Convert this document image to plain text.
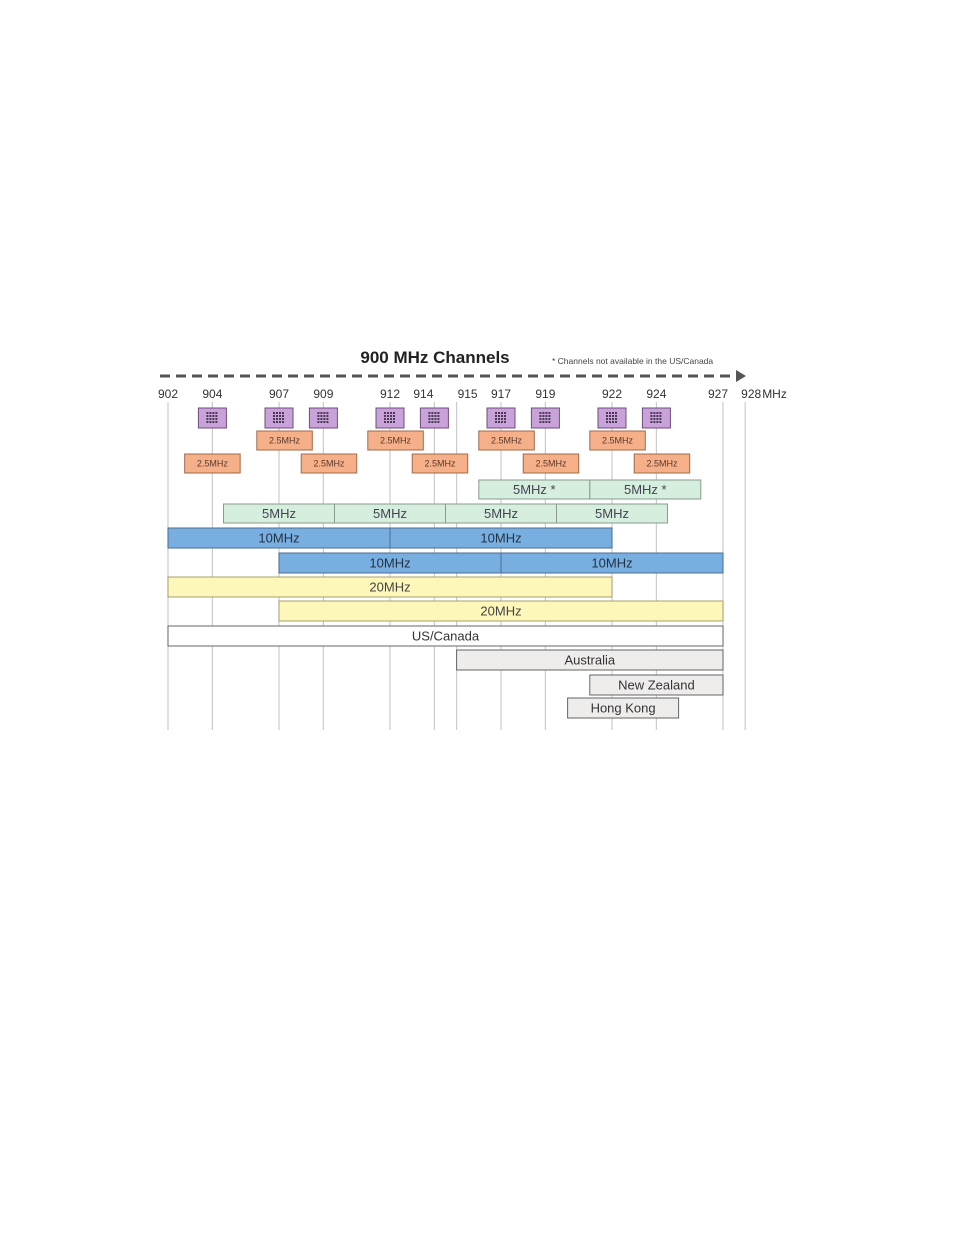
900 MHz Channels	* Channels not available in the US/Canada
902 904	907 909	912 914 915 917 919	922 924	927 928 MHz
2.5MHz	2.5MHz	2.5MHz	2.5MHz
2.5MHz	2.5MHz	2.5MHz	2.5MHz	2.5MHz
5MHz *	5MHz *
5MHz	5MHz	5MHz	5MHz
10MHz	10MHz
10MHz	10MHz
20MHz
20MHz
US/Canada
Australia
New Zealand
Hong Kong
